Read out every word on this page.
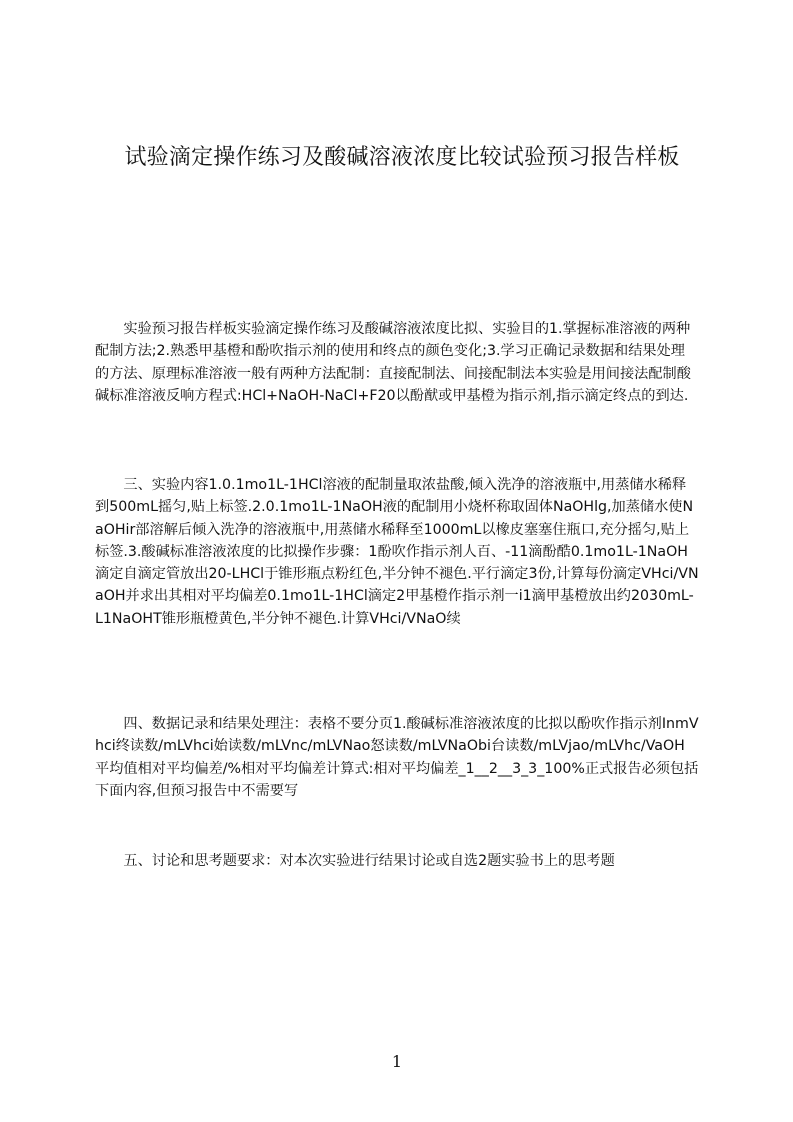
试验滴定操作练习及酸碱溶液浓度比较试验预习报告样板
实验预习报告样板实验滴定操作练习及酸碱溶液浓度比拟、实验目的1.掌握标准溶液的两种配制方法;2.熟悉甲基橙和酚吹指示剂的使用和终点的颜色变化;3.学习正确记录数据和结果处理的方法、原理标准溶液一般有两种方法配制：直接配制法、间接配制法本实验是用间接法配制酸碱标准溶液反响方程式:HCl+NaOH-NaCl+F20以酚猷或甲基橙为指示剂,指示滴定终点的到达.
三、实验内容1.0.1mo1L-1HCl溶液的配制量取浓盐酸,倾入洗净的溶液瓶中,用蒸储水稀释到500mL摇匀,贴上标签.2.0.1mo1L-1NaOH液的配制用小烧杯称取固体NaOHlg,加蒸储水使NaOHir部溶解后倾入洗净的溶液瓶中,用蒸储水稀释至1000mL以橡皮塞塞住瓶口,充分摇匀,贴上标签.3.酸碱标准溶液浓度的比拟操作步骤：1酚吹作指示剂人百、-11滴酚酷0.1mo1L-1NaOH滴定自滴定管放出20-LHCl于锥形瓶点粉红色,半分钟不褪色.平行滴定3份,计算每份滴定VHci/VNaOH并求出其相对平均偏差0.1mo1L-1HCl滴定2甲基橙作指示剂一i1滴甲基橙放出约2030mL-L1NaOHT锥形瓶橙黄色,半分钟不褪色.计算VHci/VNaO续
四、数据记录和结果处理注：表格不要分页1.酸碱标准溶液浓度的比拟以酚吹作指示剂InmVhci终读数/mLVhci始读数/mLVnc/mLVNao怒读数/mLVNaObi台读数/mLVjao/mLVhc/VaOH平均值相对平均偏差/%相对平均偏差计算式:相对平均偏差_1__2__3_3_100%正式报告必须包括下面内容,但预习报告中不需要写
五、讨论和思考题要求：对本次实验进行结果讨论或自选2题实验书上的思考题
1
